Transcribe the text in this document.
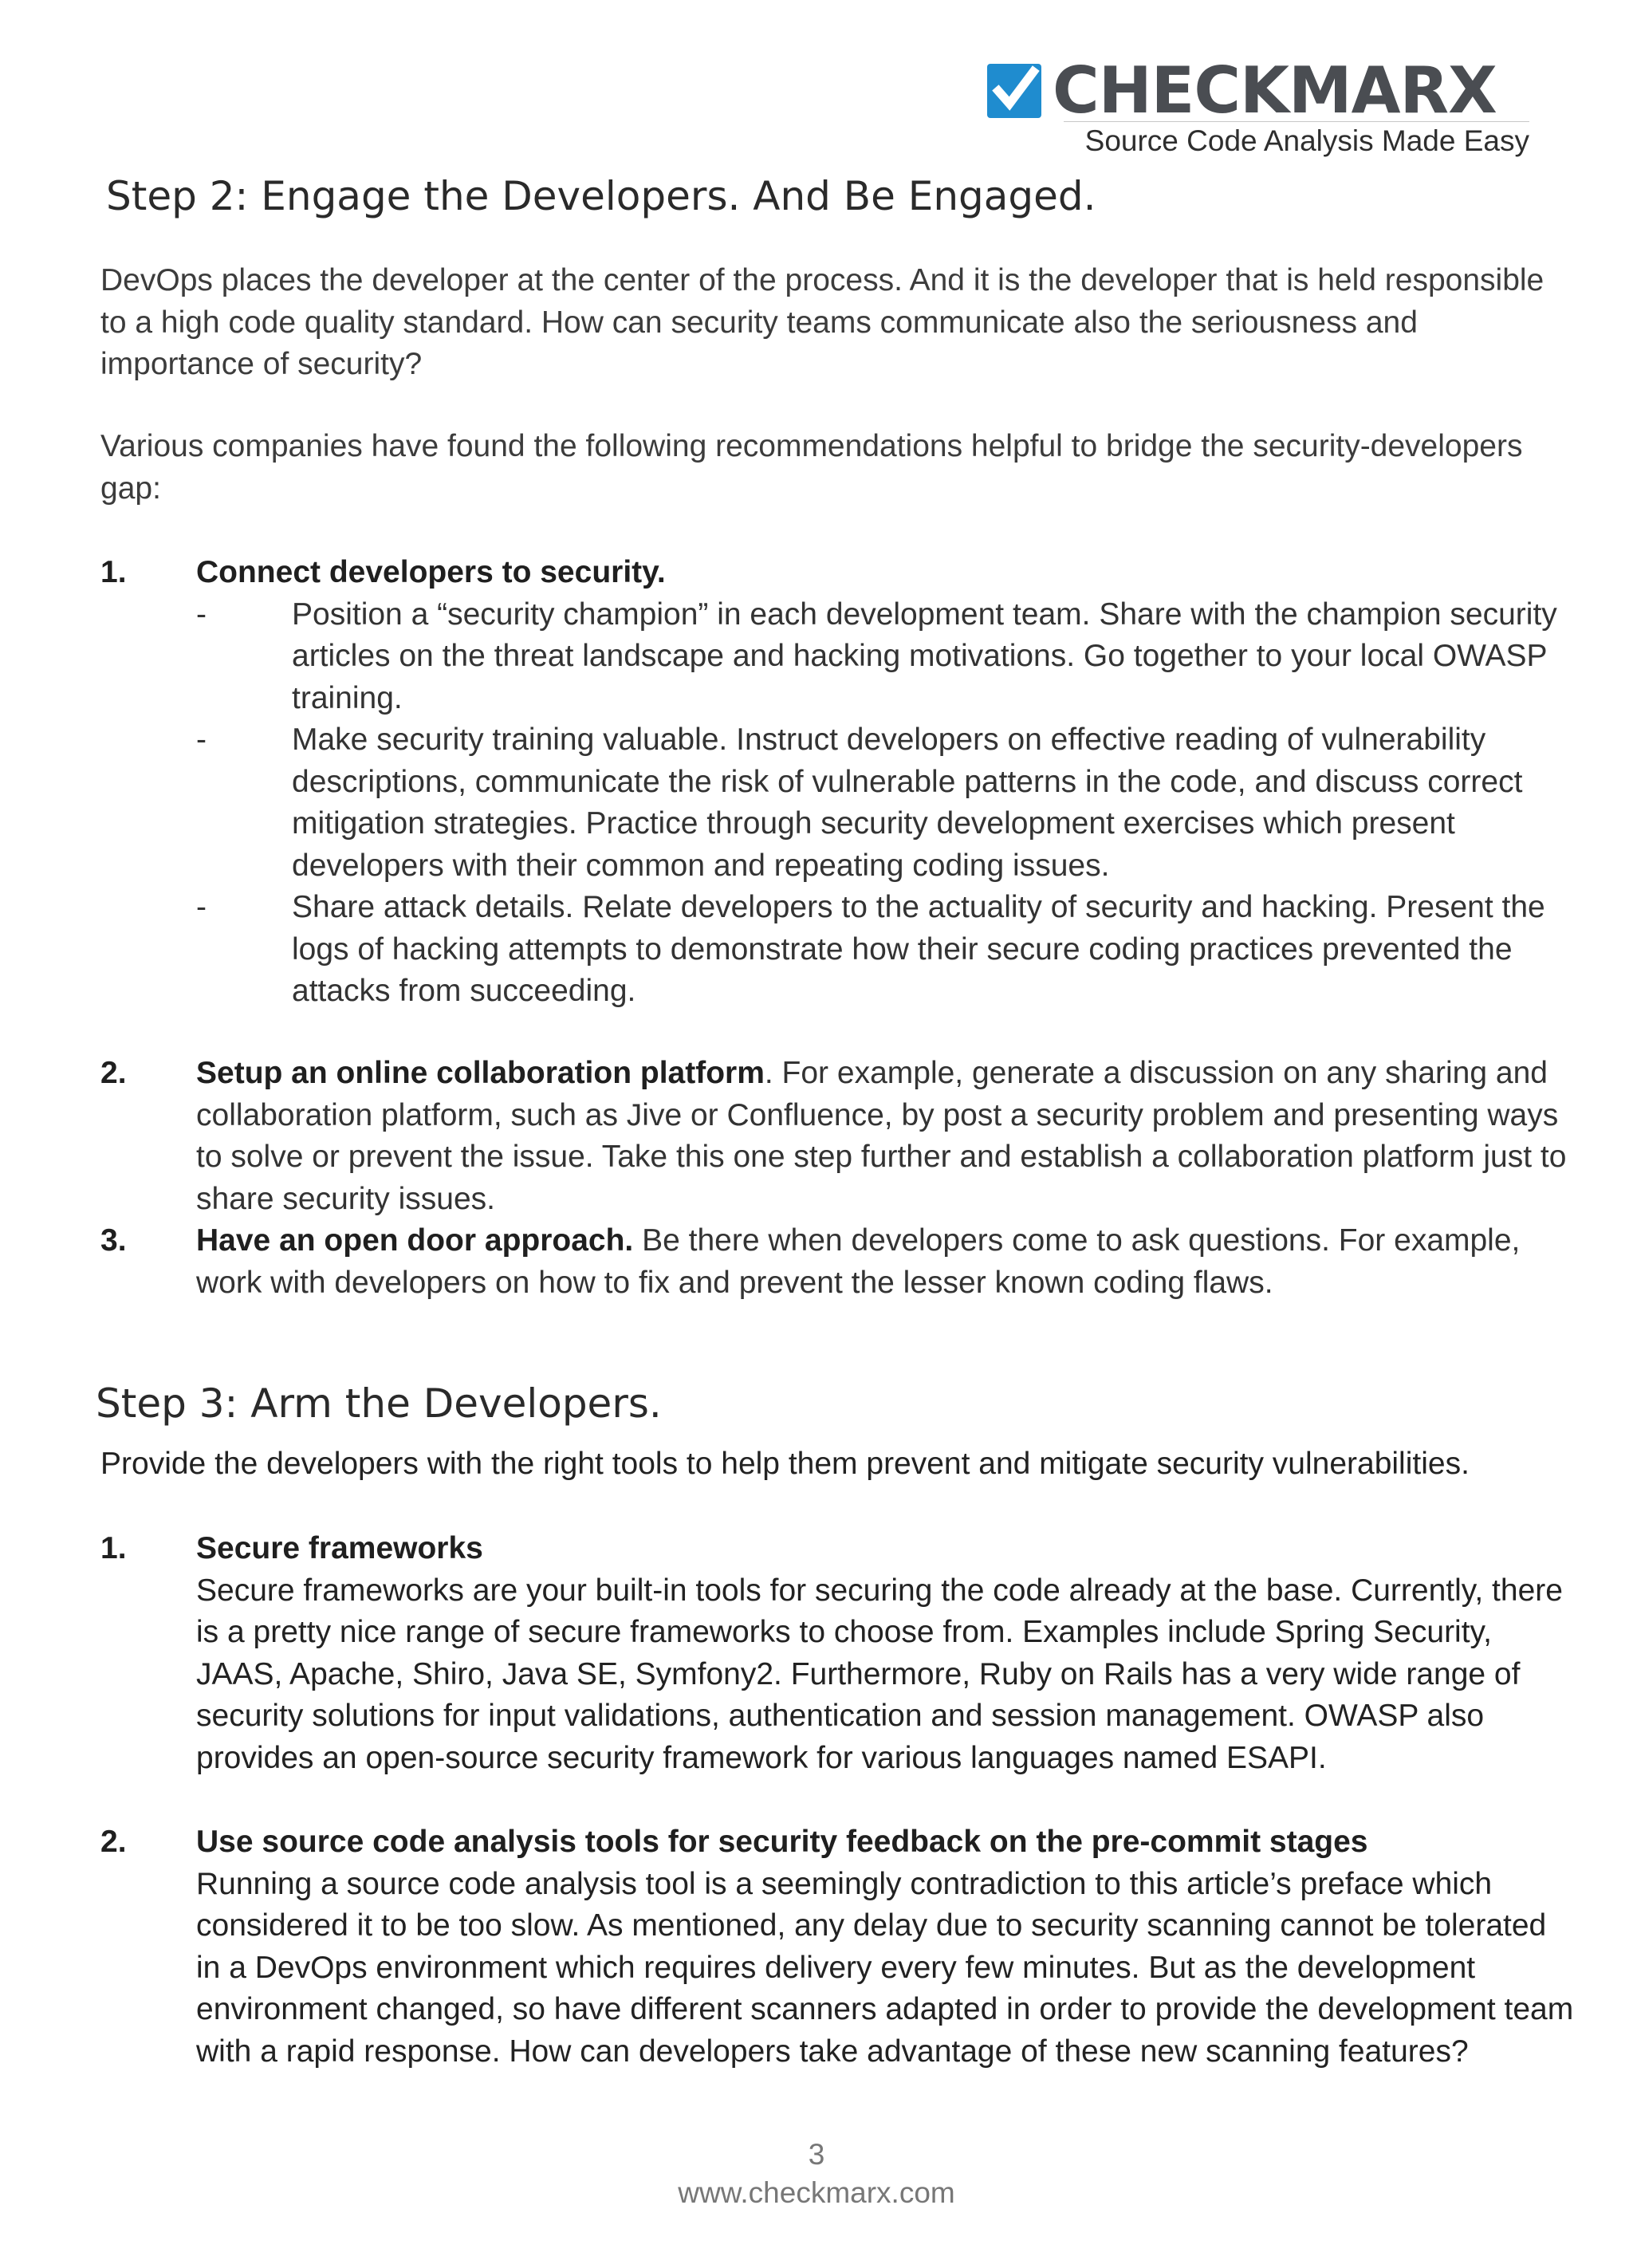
CHECKMARX
Source Code Analysis Made Easy
Step 2: Engage the Developers. And Be Engaged.

DevOps places the developer at the center of the process. And it is the developer that is held responsible to a high code quality standard. How can security teams communicate also the seriousness and importance of security?

Various companies have found the following recommendations helpful to bridge the security-developers gap:

1. Connect developers to security.
-	Position a “security champion” in each development team. Share with the champion security articles on the threat landscape and hacking motivations. Go together to your local OWASP training.
-	Make security training valuable. Instruct developers on effective reading of vulnerability descriptions, communicate the risk of vulnerable patterns in the code, and discuss correct mitigation strategies. Practice through security development exercises which present developers with their common and repeating coding issues.
-	Share attack details. Relate developers to the actuality of security and hacking. Present the logs of hacking attempts to demonstrate how their secure coding practices prevented the attacks from succeeding.
2. Setup an online collaboration platform. For example, generate a discussion on any sharing and collaboration platform, such as Jive or Confluence, by post a security problem and presenting ways to solve or prevent the issue. Take this one step further and establish a collaboration platform just to share security issues.
3. Have an open door approach. Be there when developers come to ask questions. For example, work with developers on how to fix and prevent the lesser known coding flaws.
Step 3: Arm the Developers.

Provide the developers with the right tools to help them prevent and mitigate security vulnerabilities.

1. Secure frameworks
Secure frameworks are your built-in tools for securing the code already at the base. Currently, there is a pretty nice range of secure frameworks to choose from. Examples include Spring Security, JAAS, Apache, Shiro, Java SE, Symfony2. Furthermore, Ruby on Rails has a very wide range of security solutions for input validations, authentication and session management. OWASP also provides an open-source security framework for various languages named ESAPI.
2. Use source code analysis tools for security feedback on the pre-commit stages
Running a source code analysis tool is a seemingly contradiction to this article’s preface which considered it to be too slow. As mentioned, any delay due to security scanning cannot be tolerated in a DevOps environment which requires delivery every few minutes. But as the development environment changed, so have different scanners adapted in order to provide the development team with a rapid response. How can developers take advantage of these new scanning features?
3
www.checkmarx.com
